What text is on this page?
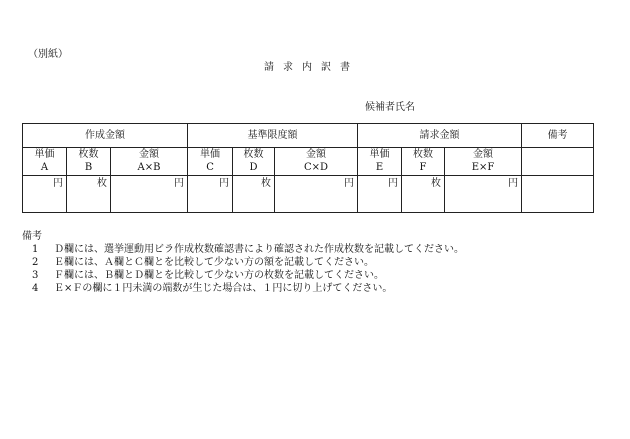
（別紙）
請求内訳書
候補者氏名
作成金額			基準限度額			請求金額			備考
単価	枚数	金額	単価	枚数	金額	単価	枚数	金額	
A	B	A×B	C	D	C×D	E	F	E×F	
円	枚	円	円	枚	円	円	枚	円	
備考
1 Ｄ欄には、選挙運動用ビラ作成枚数確認書により確認された作成枚数を記載してください。
2 Ｅ欄には、Ａ欄とＣ欄とを比較して少ない方の額を記載してください。
3 Ｆ欄には、Ｂ欄とＤ欄とを比較して少ない方の枚数を記載してください。
4 Ｅ×Ｆの欄に１円未満の端数が生じた場合は、１円に切り上げてください。
